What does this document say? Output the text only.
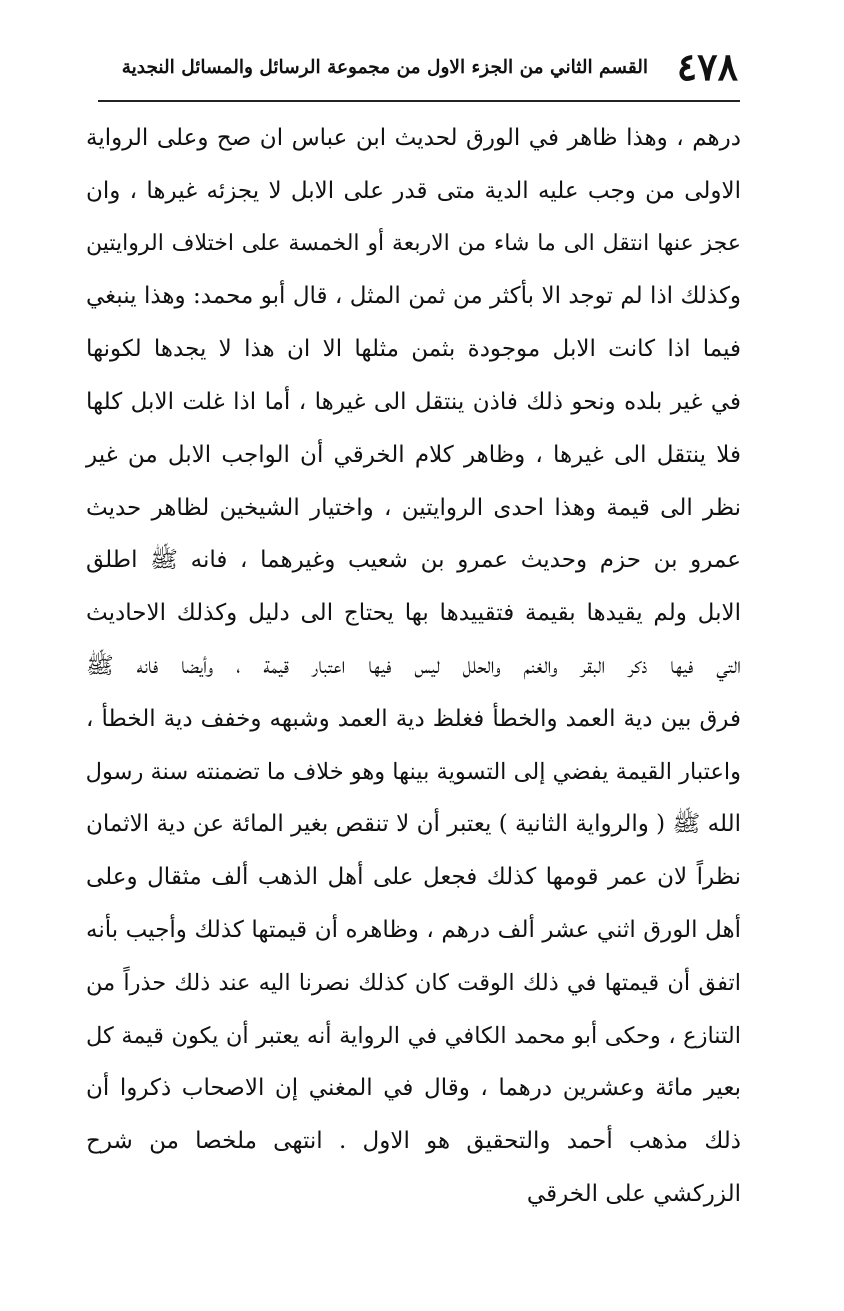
٤٧٨
القسم الثاني من الجزء الاول من مجموعة الرسائل والمسائل النجدية
درهم ، وهذا ظاهر في الورق لحديث ابن عباس ان صح وعلى الرواية
الاولى من وجب عليه الدية متى قدر على الابل لا يجزئه غيرها ، وان
عجز عنها انتقل الى ما شاء من الاربعة أو الخمسة على اختلاف الروايتين
وكذلك اذا لم توجد الا بأكثر من ثمن المثل ، قال أبو محمد: وهذا ينبغي
فيما اذا كانت الابل موجودة بثمن مثلها الا ان هذا لا يجدها لكونها
في غير بلده ونحو ذلك فاذن ينتقل الى غيرها ، أما اذا غلت الابل كلها
فلا ينتقل الى غيرها ، وظاهر كلام الخرقي أن الواجب الابل من غير
نظر الى قيمة وهذا احدى الروايتين ، واختيار الشيخين لظاهر حديث
عمرو بن حزم وحديث عمرو بن شعيب وغيرهما ، فانه ﷺ اطلق
الابل ولم يقيدها بقيمة فتقييدها بها يحتاج الى دليل وكذلك الاحاديث
التي فيها ذكر البقر والغنم والحلل ليس فيها اعتبار قيمة ، وأيضا فانه ﷺ
فرق بين دية العمد والخطأ فغلظ دية العمد وشبهه وخفف دية الخطأ ،
واعتبار القيمة يفضي إلى التسوية بينها وهو خلاف ما تضمنته سنة رسول
الله ﷺ ( والرواية الثانية ) يعتبر أن لا تنقص بغير المائة عن دية الاثمان
نظراً لان عمر قومها كذلك فجعل على أهل الذهب ألف مثقال وعلى
أهل الورق اثني عشر ألف درهم ، وظاهره أن قيمتها كذلك وأجيب بأنه
اتفق أن قيمتها في ذلك الوقت كان كذلك نصرنا اليه عند ذلك حذراً من
التنازع ، وحكى أبو محمد الكافي في الرواية أنه يعتبر أن يكون قيمة كل
بعير مائة وعشرين درهما ، وقال في المغني إن الاصحاب ذكروا أن
ذلك مذهب أحمد والتحقيق هو الاول . انتهى ملخصا من شرح
الزركشي على الخرقي
